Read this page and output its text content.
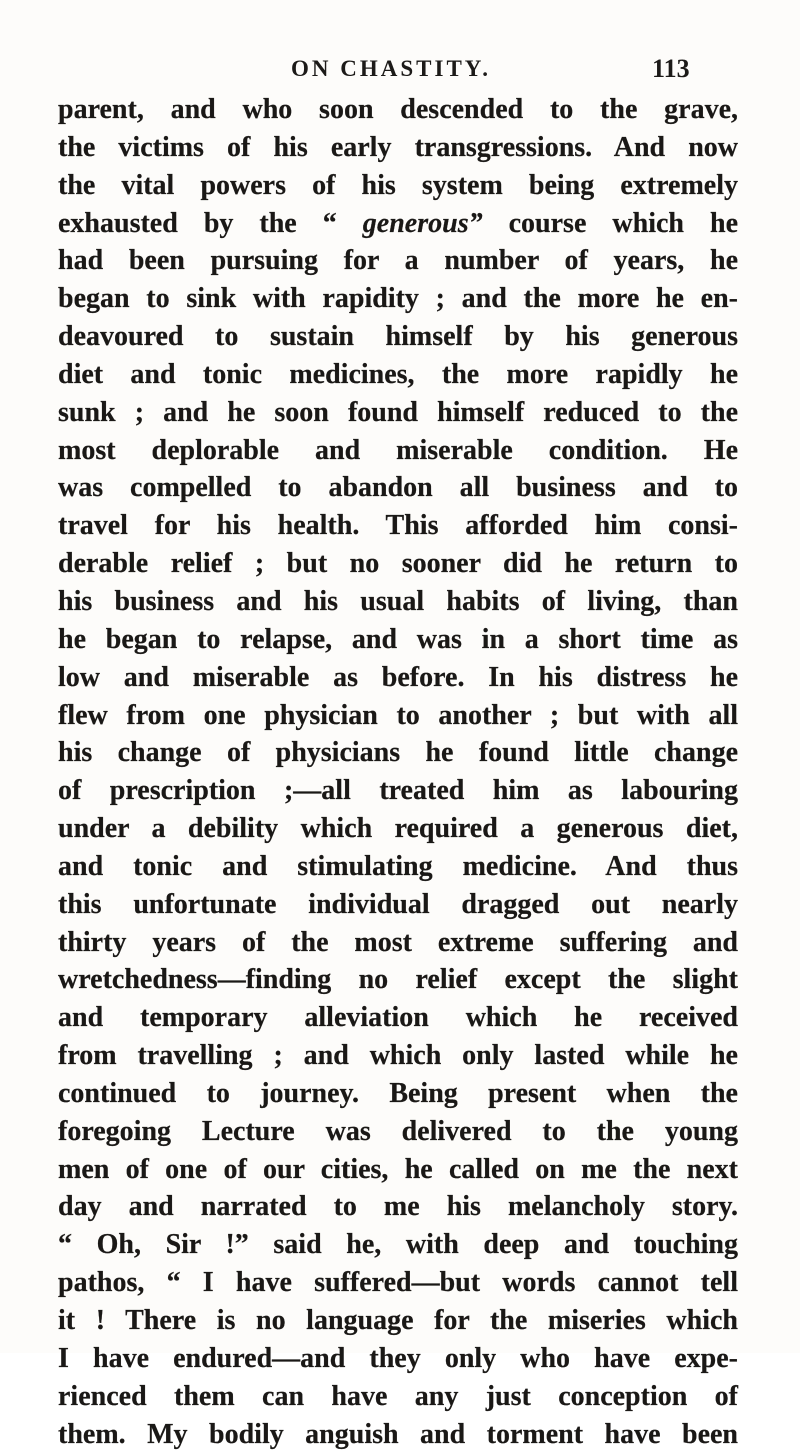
ON CHASTITY.	113
parent, and who soon descended to the grave,
the victims of his early transgressions. And now
the vital powers of his system being extremely
exhausted by the “ generous” course which he
had been pursuing for a number of years, he
began to sink with rapidity ; and the more he en-
deavoured to sustain himself by his generous
diet and tonic medicines, the more rapidly he
sunk ; and he soon found himself reduced to the
most deplorable and miserable condition. He
was compelled to abandon all business and to
travel for his health. This afforded him consi-
derable relief ; but no sooner did he return to
his business and his usual habits of living, than
he began to relapse, and was in a short time as
low and miserable as before. In his distress he
flew from one physician to another ; but with all
his change of physicians he found little change
of prescription ;—all treated him as labouring
under a debility which required a generous diet,
and tonic and stimulating medicine. And thus
this unfortunate individual dragged out nearly
thirty years of the most extreme suffering and
wretchedness—finding no relief except the slight
and temporary alleviation which he received
from travelling ; and which only lasted while he
continued to journey. Being present when the
foregoing Lecture was delivered to the young
men of one of our cities, he called on me the next
day and narrated to me his melancholy story.
“ Oh, Sir !” said he, with deep and touching
pathos, “ I have suffered—but words cannot tell
it ! There is no language for the miseries which
I have endured—and they only who have expe-
rienced them can have any just conception of
them. My bodily anguish and torment have been
